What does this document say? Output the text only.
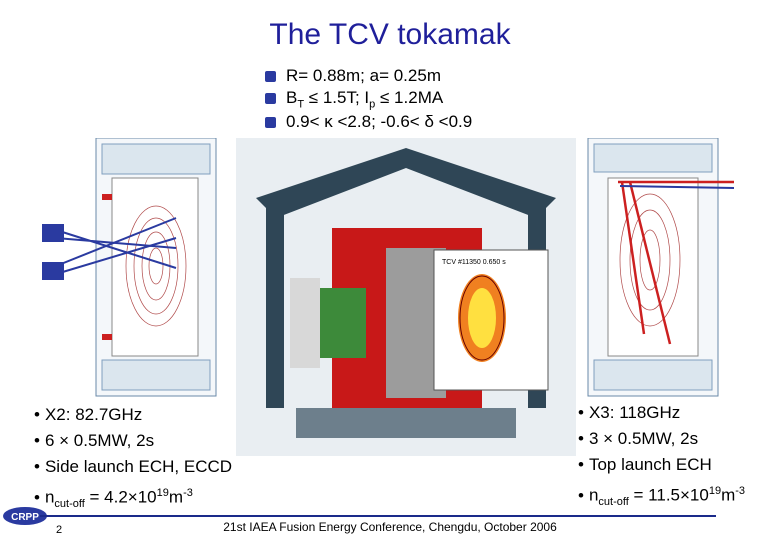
The TCV tokamak
R= 0.88m; a= 0.25m
$B_T \le 1.5T$; $I_p \le 1.2MA$
0.9< κ <2.8; -0.6< δ <0.9
TCV #11350 0.650 s
• X2: 82.7GHz
• 6 × 0.5MW, 2s
• Side launch ECH, ECCD
• $n_{cut-off} = 4.2\times 10^{19}m^{-3}$
• X3: 118GHz
• 3 × 0.5MW, 2s
• Top launch ECH
• $n_{cut-off} = 11.5\times 10^{19}m^{-3}$
CRPP
2	21st IAEA Fusion Energy Conference, Chengdu, October 2006
